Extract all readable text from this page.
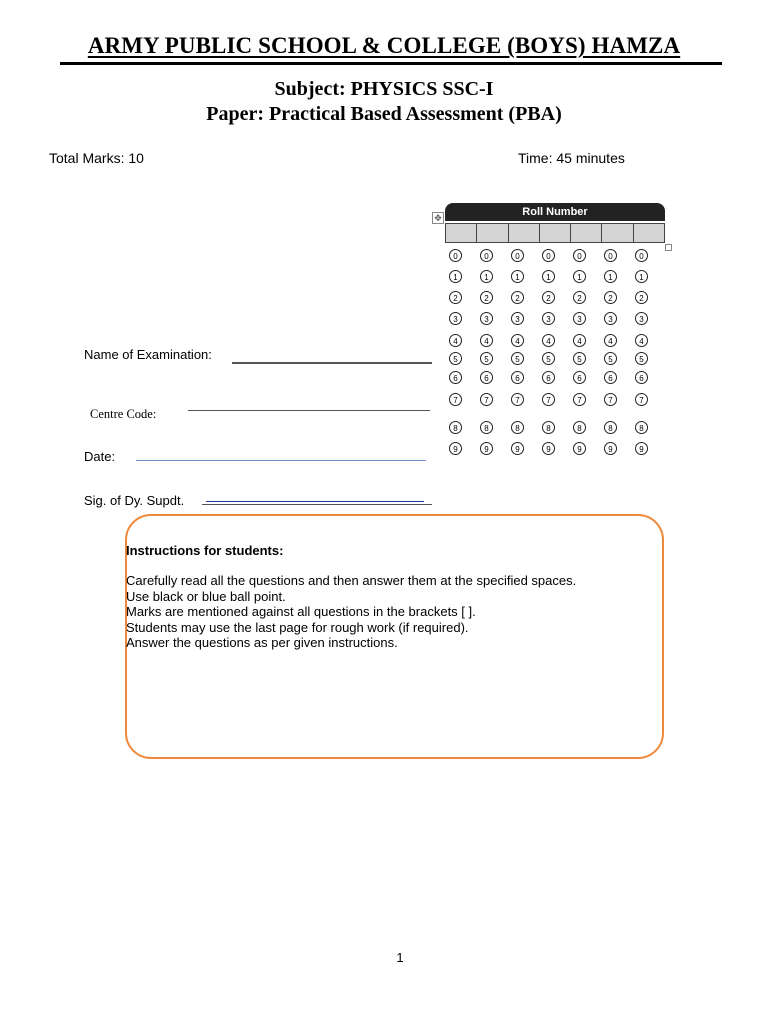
ARMY PUBLIC SCHOOL & COLLEGE (BOYS) HAMZA
Subject: PHYSICS SSC-I
Paper: Practical Based Assessment (PBA)
Total Marks: 10	Time: 45 minutes
✥	Roll Number
0	0	0	0	0	0	0
1	1	1	1	1	1	1
2	2	2	2	2	2	2
3	3	3	3	3	3	3
4	4	4	4	4	4	4
5	5	5	5	5	5	5
6	6	6	6	6	6	6
7	7	7	7	7	7	7
8	8	8	8	8	8	8
9	9	9	9	9	9	9
Name of Examination:
Centre Code:
Date:
Sig. of Dy. Supdt.
Instructions for students:
Carefully read all the questions and then answer them at the specified spaces.
Use black or blue ball point.
Marks are mentioned against all questions in the brackets [ ].
Students may use the last page for rough work (if required).
Answer the questions as per given instructions.
1
